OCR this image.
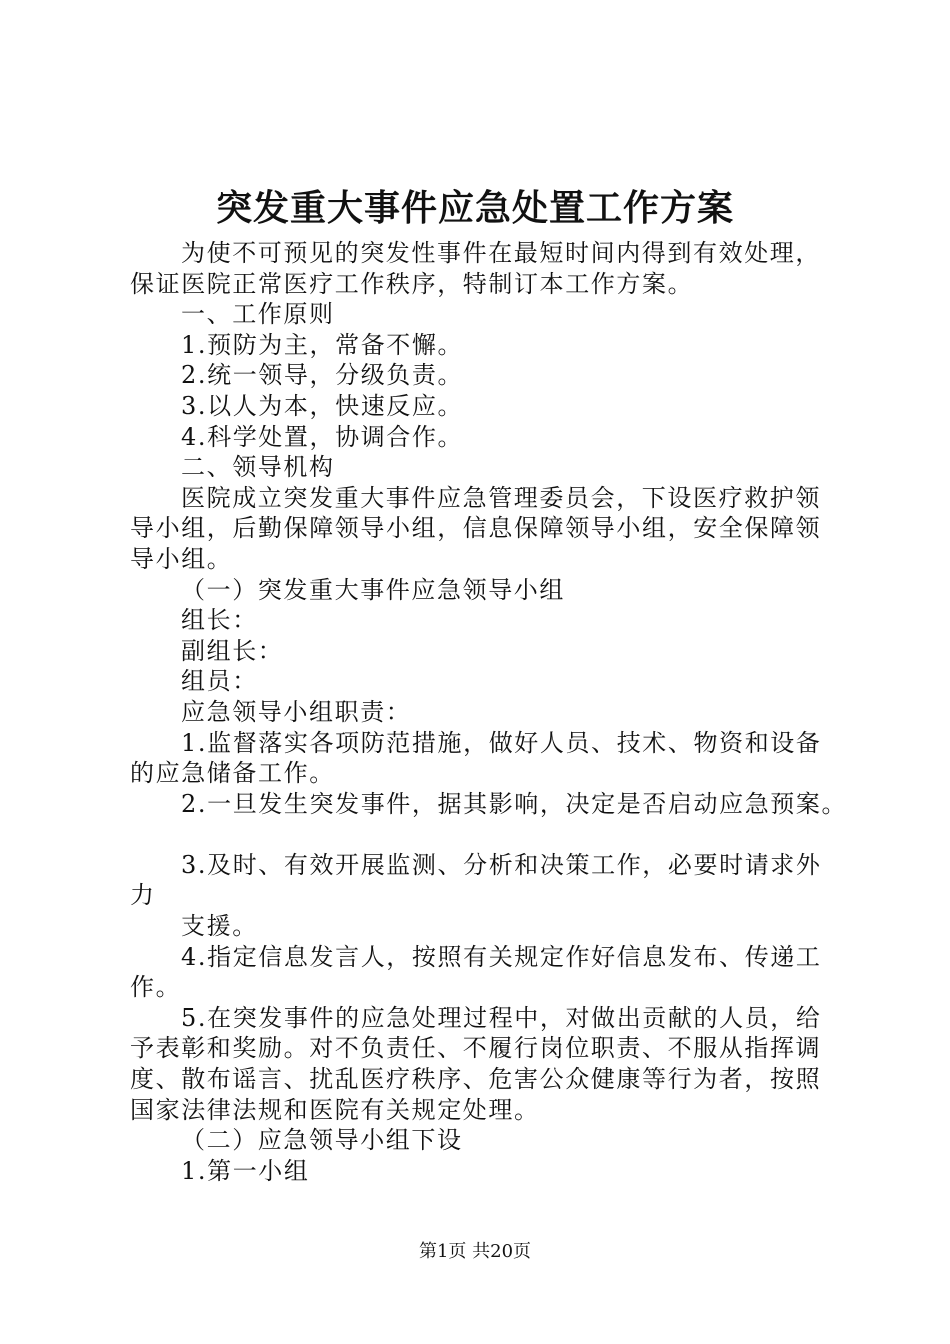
突发重大事件应急处置工作方案
为使不可预见的突发性事件在最短时间内得到有效处理，
保证医院正常医疗工作秩序，特制订本工作方案。
一、工作原则
1.预防为主，常备不懈。
2.统一领导，分级负责。
3.以人为本，快速反应。
4.科学处置，协调合作。
二、领导机构
医院成立突发重大事件应急管理委员会，下设医疗救护领
导小组，后勤保障领导小组，信息保障领导小组，安全保障领
导小组。
（一）突发重大事件应急领导小组
组长：
副组长：
组员：
应急领导小组职责：
1.监督落实各项防范措施，做好人员、技术、物资和设备
的应急储备工作。
2.一旦发生突发事件，据其影响，决定是否启动应急预案。
3.及时、有效开展监测、分析和决策工作，必要时请求外
力
支援。
4.指定信息发言人，按照有关规定作好信息发布、传递工
作。
5.在突发事件的应急处理过程中，对做出贡献的人员，给
予表彰和奖励。对不负责任、不履行岗位职责、不服从指挥调
度、散布谣言、扰乱医疗秩序、危害公众健康等行为者，按照
国家法律法规和医院有关规定处理。
（二）应急领导小组下设
1.第一小组
第1页 共20页
